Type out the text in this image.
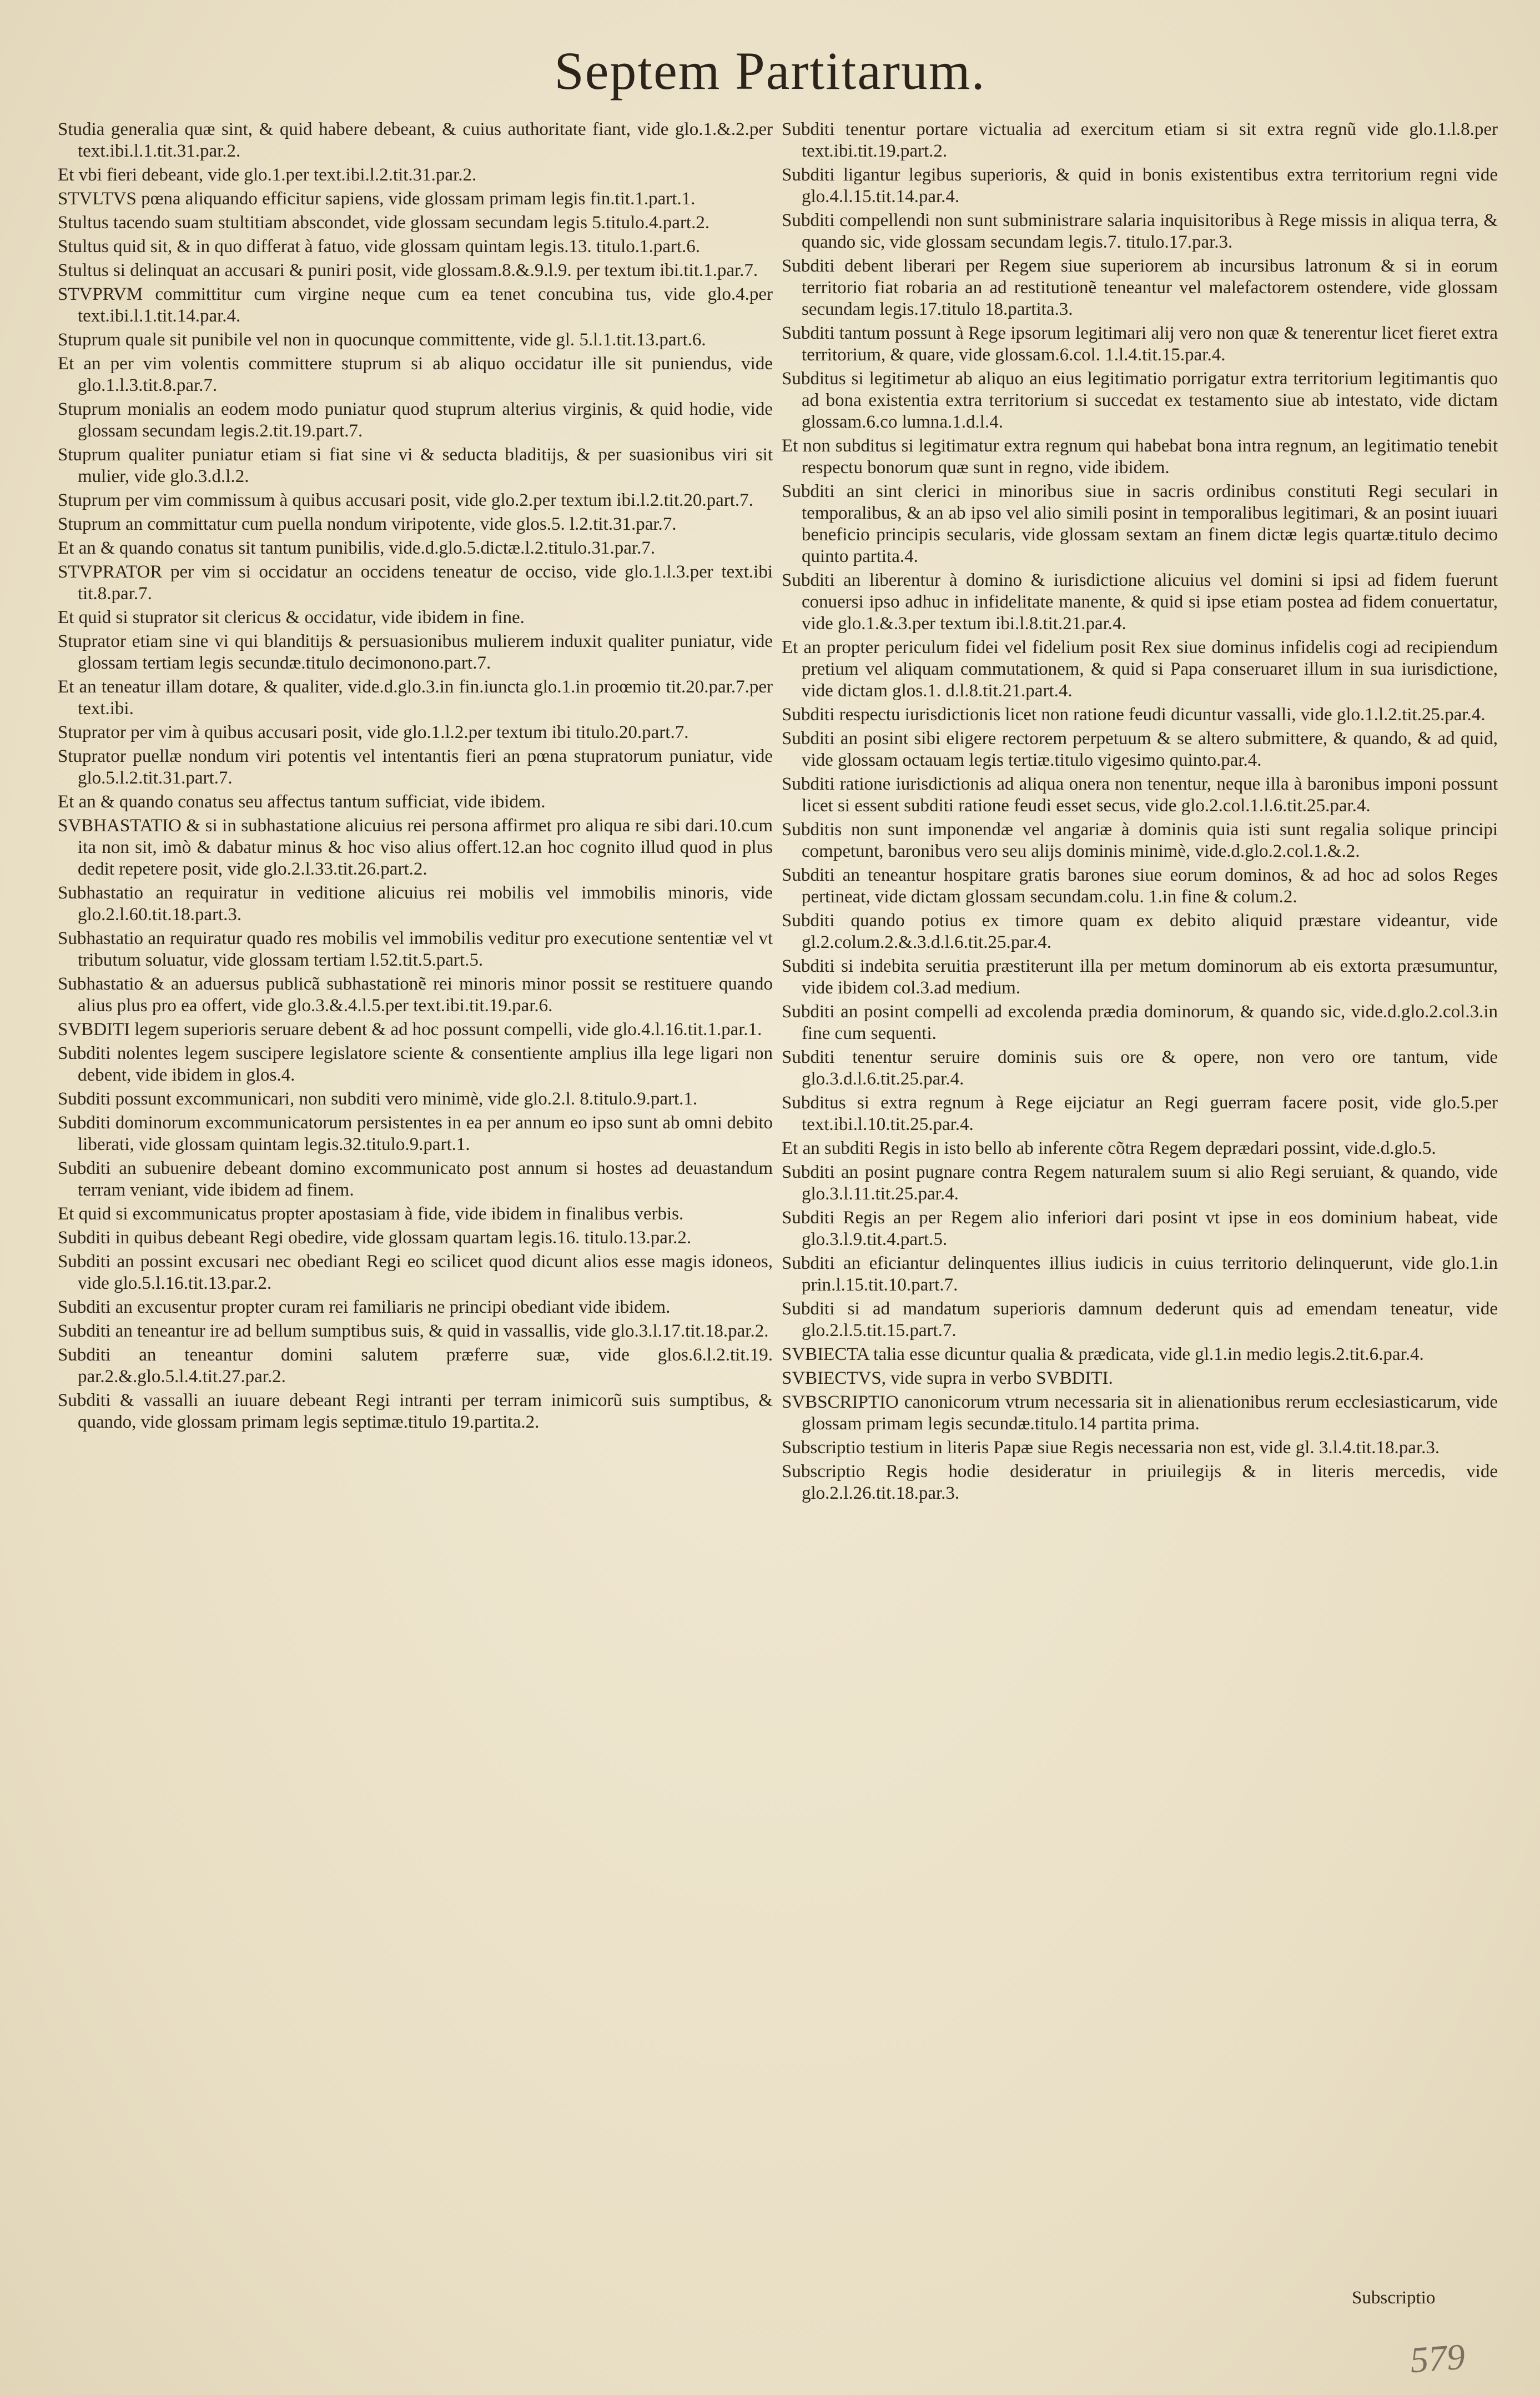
Septem Partitarum.

Studia generalia quæ sint, & quid habere debeant, & cuius authoritate fiant, vide glo.1.&.2.per text.ibi.l.1.tit.31.par.2.

Et vbi fieri debeant, vide glo.1.per text.ibi.l.2.tit.31.par.2.

STVLTVS pœna aliquando efficitur sapiens, vide glossam primam legis fin.tit.1.part.1.

Stultus tacendo suam stultitiam abscondet, vide glossam secundam legis 5.titulo.4.part.2.

Stultus quid sit, & in quo differat à fatuo, vide glossam quintam legis.13. titulo.1.part.6.

Stultus si delinquat an accusari & puniri posit, vide glossam.8.&.9.l.9. per textum ibi.tit.1.par.7.

STVPRVM committitur cum virgine neque cum ea tenet concubina tus, vide glo.4.per text.ibi.l.1.tit.14.par.4.

Stuprum quale sit punibile vel non in quocunque committente, vide gl. 5.l.1.tit.13.part.6.

Et an per vim volentis committere stuprum si ab aliquo occidatur ille sit puniendus, vide glo.1.l.3.tit.8.par.7.

Stuprum monialis an eodem modo puniatur quod stuprum alterius virginis, & quid hodie, vide glossam secundam legis.2.tit.19.part.7.

Stuprum qualiter puniatur etiam si fiat sine vi & seducta bladitijs, & per suasionibus viri sit mulier, vide glo.3.d.l.2.

Stuprum per vim commissum à quibus accusari posit, vide glo.2.per textum ibi.l.2.tit.20.part.7.

Stuprum an committatur cum puella nondum viripotente, vide glos.5. l.2.tit.31.par.7.

Et an & quando conatus sit tantum punibilis, vide.d.glo.5.dictæ.l.2.titulo.31.par.7.

STVPRATOR per vim si occidatur an occidens teneatur de occiso, vide glo.1.l.3.per text.ibi tit.8.par.7.

Et quid si stuprator sit clericus & occidatur, vide ibidem in fine.

Stuprator etiam sine vi qui blanditijs & persuasionibus mulierem induxit qualiter puniatur, vide glossam tertiam legis secundæ.titulo decimonono.part.7.

Et an teneatur illam dotare, & qualiter, vide.d.glo.3.in fin.iuncta glo.1.in proœmio tit.20.par.7.per text.ibi.

Stuprator per vim à quibus accusari posit, vide glo.1.l.2.per textum ibi titulo.20.part.7.

Stuprator puellæ nondum viri potentis vel intentantis fieri an pœna stupratorum puniatur, vide glo.5.l.2.tit.31.part.7.

Et an & quando conatus seu affectus tantum sufficiat, vide ibidem.

SVBHASTATIO & si in subhastatione alicuius rei persona affirmet pro aliqua re sibi dari.10.cum ita non sit, imò & dabatur minus & hoc viso alius offert.12.an hoc cognito illud quod in plus dedit repetere posit, vide glo.2.l.33.tit.26.part.2.

Subhastatio an requiratur in veditione alicuius rei mobilis vel immobilis minoris, vide glo.2.l.60.tit.18.part.3.

Subhastatio an requiratur quado res mobilis vel immobilis veditur pro executione sententiæ vel vt tributum soluatur, vide glossam tertiam l.52.tit.5.part.5.

Subhastatio & an aduersus publicã subhastationẽ rei minoris minor possit se restituere quando alius plus pro ea offert, vide glo.3.&.4.l.5.per text.ibi.tit.19.par.6.

SVBDITI legem superioris seruare debent & ad hoc possunt compelli, vide glo.4.l.16.tit.1.par.1.

Subditi nolentes legem suscipere legislatore sciente & consentiente amplius illa lege ligari non debent, vide ibidem in glos.4.

Subditi possunt excommunicari, non subditi vero minimè, vide glo.2.l. 8.titulo.9.part.1.

Subditi dominorum excommunicatorum persistentes in ea per annum eo ipso sunt ab omni debito liberati, vide glossam quintam legis.32.titulo.9.part.1.

Subditi an subuenire debeant domino excommunicato post annum si hostes ad deuastandum terram veniant, vide ibidem ad finem.

Et quid si excommunicatus propter apostasiam à fide, vide ibidem in finalibus verbis.

Subditi in quibus debeant Regi obedire, vide glossam quartam legis.16. titulo.13.par.2.

Subditi an possint excusari nec obediant Regi eo scilicet quod dicunt alios esse magis idoneos, vide glo.5.l.16.tit.13.par.2.

Subditi an excusentur propter curam rei familiaris ne principi obediant vide ibidem.

Subditi an teneantur ire ad bellum sumptibus suis, & quid in vassallis, vide glo.3.l.17.tit.18.par.2.

Subditi an teneantur domini salutem præferre suæ, vide glos.6.l.2.tit.19. par.2.&.glo.5.l.4.tit.27.par.2.

Subditi & vassalli an iuuare debeant Regi intranti per terram inimicorũ suis sumptibus, & quando, vide glossam primam legis septimæ.titulo 19.partita.2.

Subditi tenentur portare victualia ad exercitum etiam si sit extra regnũ vide glo.1.l.8.per text.ibi.tit.19.part.2.

Subditi ligantur legibus superioris, & quid in bonis existentibus extra territorium regni vide glo.4.l.15.tit.14.par.4.

Subditi compellendi non sunt subministrare salaria inquisitoribus à Rege missis in aliqua terra, & quando sic, vide glossam secundam legis.7. titulo.17.par.3.

Subditi debent liberari per Regem siue superiorem ab incursibus latronum & si in eorum territorio fiat robaria an ad restitutionẽ teneantur vel malefactorem ostendere, vide glossam secundam legis.17.titulo 18.partita.3.

Subditi tantum possunt à Rege ipsorum legitimari alij vero non quæ & tenerentur licet fieret extra territorium, & quare, vide glossam.6.col. 1.l.4.tit.15.par.4.

Subditus si legitimetur ab aliquo an eius legitimatio porrigatur extra territorium legitimantis quo ad bona existentia extra territorium si succedat ex testamento siue ab intestato, vide dictam glossam.6.co lumna.1.d.l.4.

Et non subditus si legitimatur extra regnum qui habebat bona intra regnum, an legitimatio tenebit respectu bonorum quæ sunt in regno, vide ibidem.

Subditi an sint clerici in minoribus siue in sacris ordinibus constituti Regi seculari in temporalibus, & an ab ipso vel alio simili posint in temporalibus legitimari, & an posint iuuari beneficio principis secularis, vide glossam sextam an finem dictæ legis quartæ.titulo decimo quinto partita.4.

Subditi an liberentur à domino & iurisdictione alicuius vel domini si ipsi ad fidem fuerunt conuersi ipso adhuc in infidelitate manente, & quid si ipse etiam postea ad fidem conuertatur, vide glo.1.&.3.per textum ibi.l.8.tit.21.par.4.

Et an propter periculum fidei vel fidelium posit Rex siue dominus infidelis cogi ad recipiendum pretium vel aliquam commutationem, & quid si Papa conseruaret illum in sua iurisdictione, vide dictam glos.1. d.l.8.tit.21.part.4.

Subditi respectu iurisdictionis licet non ratione feudi dicuntur vassalli, vide glo.1.l.2.tit.25.par.4.

Subditi an posint sibi eligere rectorem perpetuum & se altero submittere, & quando, & ad quid, vide glossam octauam legis tertiæ.titulo vigesimo quinto.par.4.

Subditi ratione iurisdictionis ad aliqua onera non tenentur, neque illa à baronibus imponi possunt licet si essent subditi ratione feudi esset secus, vide glo.2.col.1.l.6.tit.25.par.4.

Subditis non sunt imponendæ vel angariæ à dominis quia isti sunt regalia solique principi competunt, baronibus vero seu alijs dominis minimè, vide.d.glo.2.col.1.&.2.

Subditi an teneantur hospitare gratis barones siue eorum dominos, & ad hoc ad solos Reges pertineat, vide dictam glossam secundam.colu. 1.in fine & colum.2.

Subditi quando potius ex timore quam ex debito aliquid præstare videantur, vide gl.2.colum.2.&.3.d.l.6.tit.25.par.4.

Subditi si indebita seruitia præstiterunt illa per metum dominorum ab eis extorta præsumuntur, vide ibidem col.3.ad medium.

Subditi an posint compelli ad excolenda prædia dominorum, & quando sic, vide.d.glo.2.col.3.in fine cum sequenti.

Subditi tenentur seruire dominis suis ore & opere, non vero ore tantum, vide glo.3.d.l.6.tit.25.par.4.

Subditus si extra regnum à Rege eijciatur an Regi guerram facere posit, vide glo.5.per text.ibi.l.10.tit.25.par.4.

Et an subditi Regis in isto bello ab inferente cõtra Regem deprædari possint, vide.d.glo.5.

Subditi an posint pugnare contra Regem naturalem suum si alio Regi seruiant, & quando, vide glo.3.l.11.tit.25.par.4.

Subditi Regis an per Regem alio inferiori dari posint vt ipse in eos dominium habeat, vide glo.3.l.9.tit.4.part.5.

Subditi an eficiantur delinquentes illius iudicis in cuius territorio delinquerunt, vide glo.1.in prin.l.15.tit.10.part.7.

Subditi si ad mandatum superioris damnum dederunt quis ad emendam teneatur, vide glo.2.l.5.tit.15.part.7.

SVBIECTA talia esse dicuntur qualia & prædicata, vide gl.1.in medio legis.2.tit.6.par.4.

SVBIECTVS, vide supra in verbo SVBDITI.

SVBSCRIPTIO canonicorum vtrum necessaria sit in alienationibus rerum ecclesiasticarum, vide glossam primam legis secundæ.titulo.14 partita prima.

Subscriptio testium in literis Papæ siue Regis necessaria non est, vide gl. 3.l.4.tit.18.par.3.

Subscriptio Regis hodie desideratur in priuilegijs & in literis mercedis, vide glo.2.l.26.tit.18.par.3.

Subscriptio
579
